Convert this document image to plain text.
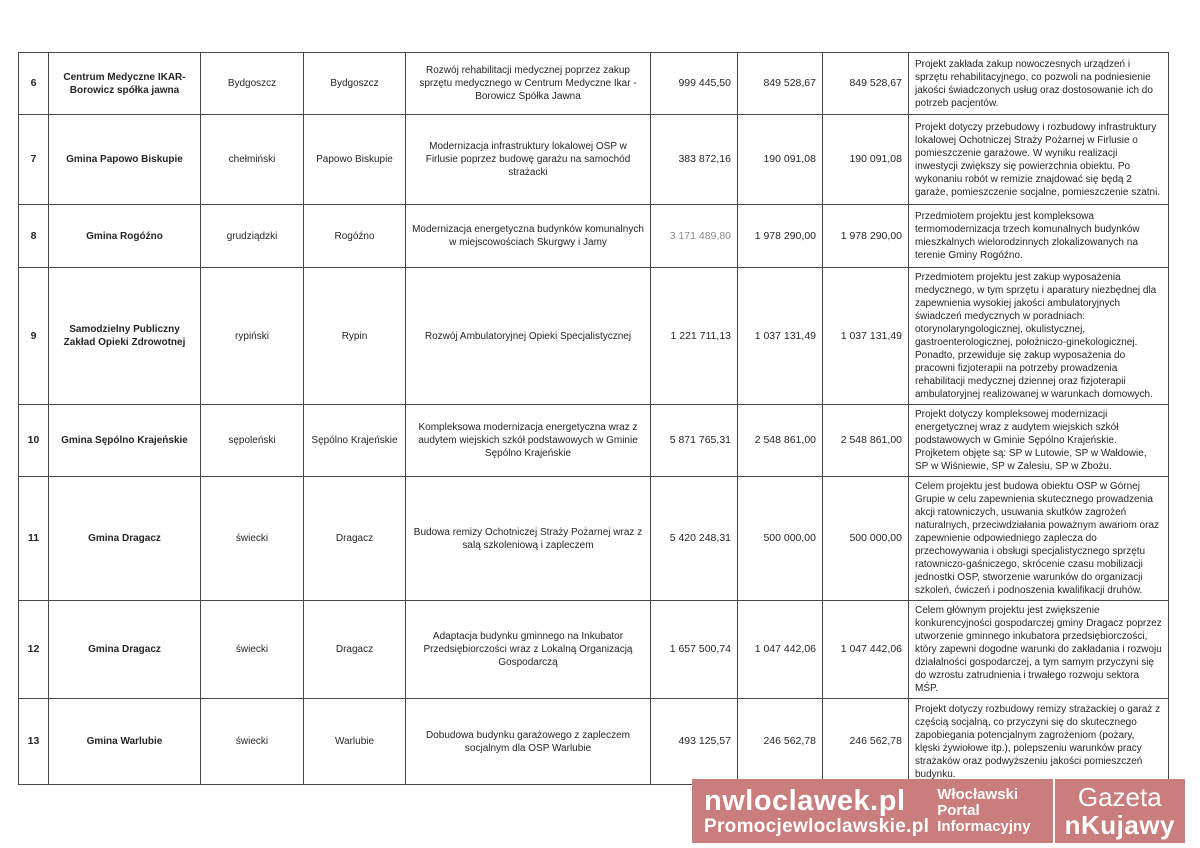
6	Centrum Medyczne IKAR-Borowicz spółka jawna	Bydgoszcz	Bydgoszcz	Rozwój rehabilitacji medycznej poprzez zakup sprzętu medycznego w Centrum Medyczne Ikar - Borowicz Spółka Jawna	999 445,50	849 528,67	849 528,67	Projekt zakłada zakup nowoczesnych urządzeń i sprzętu rehabilitacyjnego, co pozwoli na podniesienie jakości świadczonych usług oraz dostosowanie ich do potrzeb pacjentów.
7	Gmina Papowo Biskupie	chełmiński	Papowo Biskupie	Modernizacja infrastruktury lokalowej OSP w Firlusie poprzez budowę garażu na samochód strażacki	383 872,16	190 091,08	190 091,08	Projekt dotyczy przebudowy i rozbudowy infrastruktury lokalowej Ochotniczej Straży Pożarnej w Firlusie o pomieszczenie garażowe. W wyniku realizacji inwestycji zwiększy się powierzchnia obiektu. Po wykonaniu robót w remizie znajdować się będą 2 garaże, pomieszczenie socjalne, pomieszczenie szatni.
8	Gmina Rogóźno	grudziądzki	Rogóźno	Modernizacja energetyczna budynków komunalnych w miejscowościach Skurgwy i Jamy	3 171 489,80	1 978 290,00	1 978 290,00	Przedmiotem projektu jest kompleksowa termomodernizacja trzech komunalnych budynków mieszkalnych wielorodzinnych zlokalizowanych na terenie Gminy Rogóźno.
9	Samodzielny Publiczny Zakład Opieki Zdrowotnej	rypiński	Rypin	Rozwój Ambulatoryjnej Opieki Specjalistycznej	1 221 711,13	1 037 131,49	1 037 131,49	Przedmiotem projektu jest zakup wyposażenia medycznego, w tym sprzętu i aparatury niezbędnej dla zapewnienia wysokiej jakości ambulatoryjnych świadczeń medycznych w poradniach: otorynolaryngologicznej, okulistycznej, gastroenterologicznej, położniczo-ginekologicznej. Ponadto, przewiduje się zakup wyposażenia do pracowni fizjoterapii na potrzeby prowadzenia rehabilitacji medycznej dziennej oraz fizjoterapii ambulatoryjnej realizowanej w warunkach domowych.
10	Gmina Sępólno Krajeńskie	sępoleński	Sępólno Krajeńskie	Kompleksowa modernizacja energetyczna wraz z audytem wiejskich szkół podstawowych w Gminie Sępólno Krajeńskie	5 871 765,31	2 548 861,00	2 548 861,00	Projekt dotyczy kompleksowej modernizacji energetycznej wraz z audytem wiejskich szkół podstawowych w Gminie Sępólno Krajeńskie. Projketem objęte są: SP w Lutowie, SP w Wałdowie, SP w Wiśniewie, SP w Zalesiu, SP w Zbożu.
11	Gmina Dragacz	świecki	Dragacz	Budowa remizy Ochotniczej Straży Pożarnej wraz z salą szkoleniową i zapleczem	5 420 248,31	500 000,00	500 000,00	Celem projektu jest budowa obiektu OSP w Górnej Grupie w celu zapewnienia skutecznego prowadzenia akcji ratowniczych, usuwania skutków zagrożeń naturalnych, przeciwdziałania poważnym awariom oraz zapewnienie odpowiedniego zaplecza do przechowywania i obsługi specjalistycznego sprzętu ratowniczo-gaśniczego, skrócenie czasu mobilizacji jednostki OSP, stworzenie warunków do organizacji szkoleń, ćwiczeń i podnoszenia kwalifikacji druhów.
12	Gmina Dragacz	świecki	Dragacz	Adaptacja budynku gminnego na Inkubator Przedsiębiorczości wraz z Lokalną Organizacją Gospodarczą	1 657 500,74	1 047 442,06	1 047 442,06	Celem głównym projektu jest zwiększenie konkurencyjności gospodarczej gminy Dragacz poprzez utworzenie gminnego inkubatora przedsiębiorczości, który zapewni dogodne warunki do zakładania i rozwoju działalności gospodarczej, a tym samym przyczyni się do wzrostu zatrudnienia i trwałego rozwoju sektora MŚP.
13	Gmina Warlubie	świecki	Warlubie	Dobudowa budynku garażowego z zapleczem socjalnym dla OSP Warlubie	493 125,57	246 562,78	246 562,78	Projekt dotyczy rozbudowy remizy strażackiej o garaż z częścią socjalną, co przyczyni się do skutecznego zapobiegania potencjalnym zagrożeniom (pożary, klęski żywiołowe itp.), polepszeniu warunków pracy strażaków oraz podwyższeniu jakości pomieszczeń budynku.
nwloclawek.pl
Promocjewloclawskie.pl
Włocławski
Portal
Informacyjny
Gazeta
nKujawy
